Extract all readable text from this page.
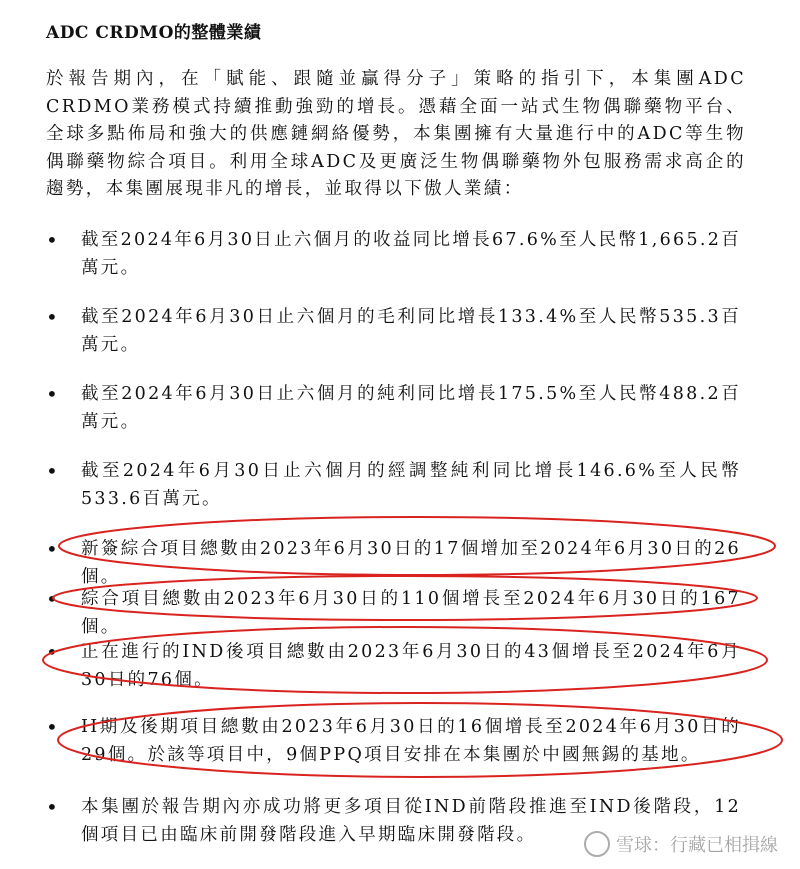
ADC CRDMO的整體業績
於報告期內，在「賦能、跟隨並贏得分子」策略的指引下，本集團ADC CRDMO業務模式持續推動強勁的增長。憑藉全面一站式生物偶聯藥物平台、全球多點佈局和強大的供應鏈網絡優勢，本集團擁有大量進行中的ADC等生物偶聯藥物綜合項目。利用全球ADC及更廣泛生物偶聯藥物外包服務需求高企的趨勢，本集團展現非凡的增長，並取得以下傲人業績：
• 截至2024年6月30日止六個月的收益同比增長67.6%至人民幣1,665.2百萬元。
• 截至2024年6月30日止六個月的毛利同比增長133.4%至人民幣535.3百萬元。
• 截至2024年6月30日止六個月的純利同比增長175.5%至人民幣488.2百萬元。
• 截至2024年6月30日止六個月的經調整純利同比增長146.6%至人民幣533.6百萬元。
• 新簽綜合項目總數由2023年6月30日的17個增加至2024年6月30日的26個。
• 綜合項目總數由2023年6月30日的110個增長至2024年6月30日的167個。
• 正在進行的IND後項目總數由2023年6月30日的43個增長至2024年6月30日的76個。
• II期及後期項目總數由2023年6月30日的16個增長至2024年6月30日的29個。於該等項目中，9個PPQ項目安排在本集團於中國無錫的基地。
• 本集團於報告期內亦成功將更多項目從IND前階段推進至IND後階段，12個項目已由臨床前開發階段進入早期臨床開發階段。	雪球：行藏已相揖線
